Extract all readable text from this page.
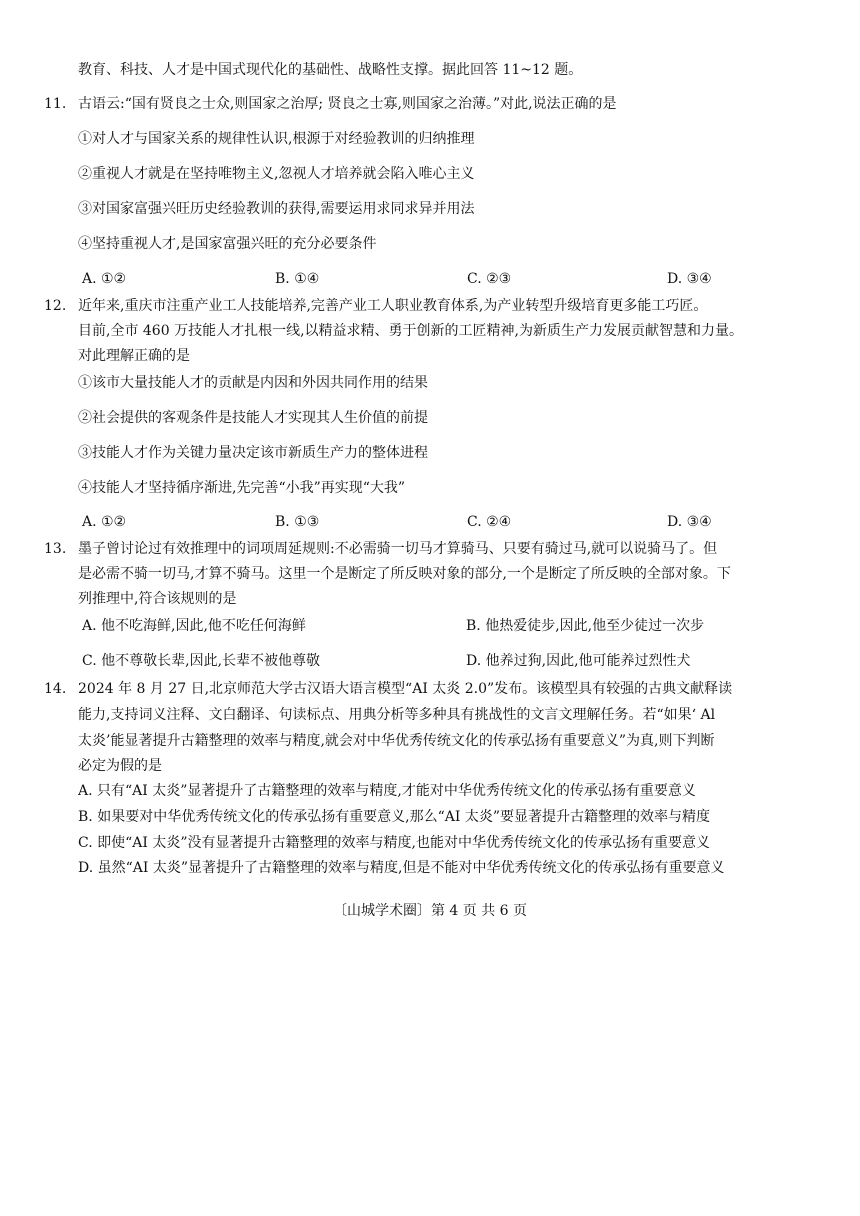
教育、科技、人才是中国式现代化的基础性、战略性支撑。据此回答 11~12 题。
11. 古语云:“国有贤良之士众,则国家之治厚; 贤良之士寡,则国家之治薄。”对此,说法正确的是
①对人才与国家关系的规律性认识,根源于对经验教训的归纳推理
②重视人才就是在坚持唯物主义,忽视人才培养就会陷入唯心主义
③对国家富强兴旺历史经验教训的获得,需要运用求同求异并用法
④坚持重视人才,是国家富强兴旺的充分必要条件
A. ①②	B. ①④	C. ②③	D. ③④
12. 近年来,重庆市注重产业工人技能培养,完善产业工人职业教育体系,为产业转型升级培育更多能工巧匠。
目前,全市 460 万技能人才扎根一线,以精益求精、勇于创新的工匠精神,为新质生产力发展贡献智慧和力量。
对此理解正确的是
①该市大量技能人才的贡献是内因和外因共同作用的结果
②社会提供的客观条件是技能人才实现其人生价值的前提
③技能人才作为关键力量决定该市新质生产力的整体进程
④技能人才坚持循序渐进,先完善“小我”再实现“大我”
A. ①②	B. ①③	C. ②④	D. ③④
13. 墨子曾讨论过有效推理中的词项周延规则:不必需骑一切马才算骑马、只要有骑过马,就可以说骑马了。但
是必需不骑一切马,才算不骑马。这里一个是断定了所反映对象的部分,一个是断定了所反映的全部对象。下
列推理中,符合该规则的是
A. 他不吃海鲜,因此,他不吃任何海鲜	B. 他热爱徒步,因此,他至少徒过一次步
C. 他不尊敬长辈,因此,长辈不被他尊敬	D. 他养过狗,因此,他可能养过烈性犬
14. 2024 年 8 月 27 日,北京师范大学古汉语大语言模型“AI 太炎 2.0”发布。该模型具有较强的古典文献释读
能力,支持词义注释、文白翻译、句读标点、用典分析等多种具有挑战性的文言文理解任务。若“如果‘ Al
太炎’能显著提升古籍整理的效率与精度,就会对中华优秀传统文化的传承弘扬有重要意义”为真,则下判断
必定为假的是
A. 只有“AI 太炎”显著提升了古籍整理的效率与精度,才能对中华优秀传统文化的传承弘扬有重要意义
B. 如果要对中华优秀传统文化的传承弘扬有重要意义,那么“AI 太炎”要显著提升古籍整理的效率与精度
C. 即使“AI 太炎”没有显著提升古籍整理的效率与精度,也能对中华优秀传统文化的传承弘扬有重要意义
D. 虽然“AI 太炎”显著提升了古籍整理的效率与精度,但是不能对中华优秀传统文化的传承弘扬有重要意义
〔山城学术圈〕第 4 页 共 6 页
